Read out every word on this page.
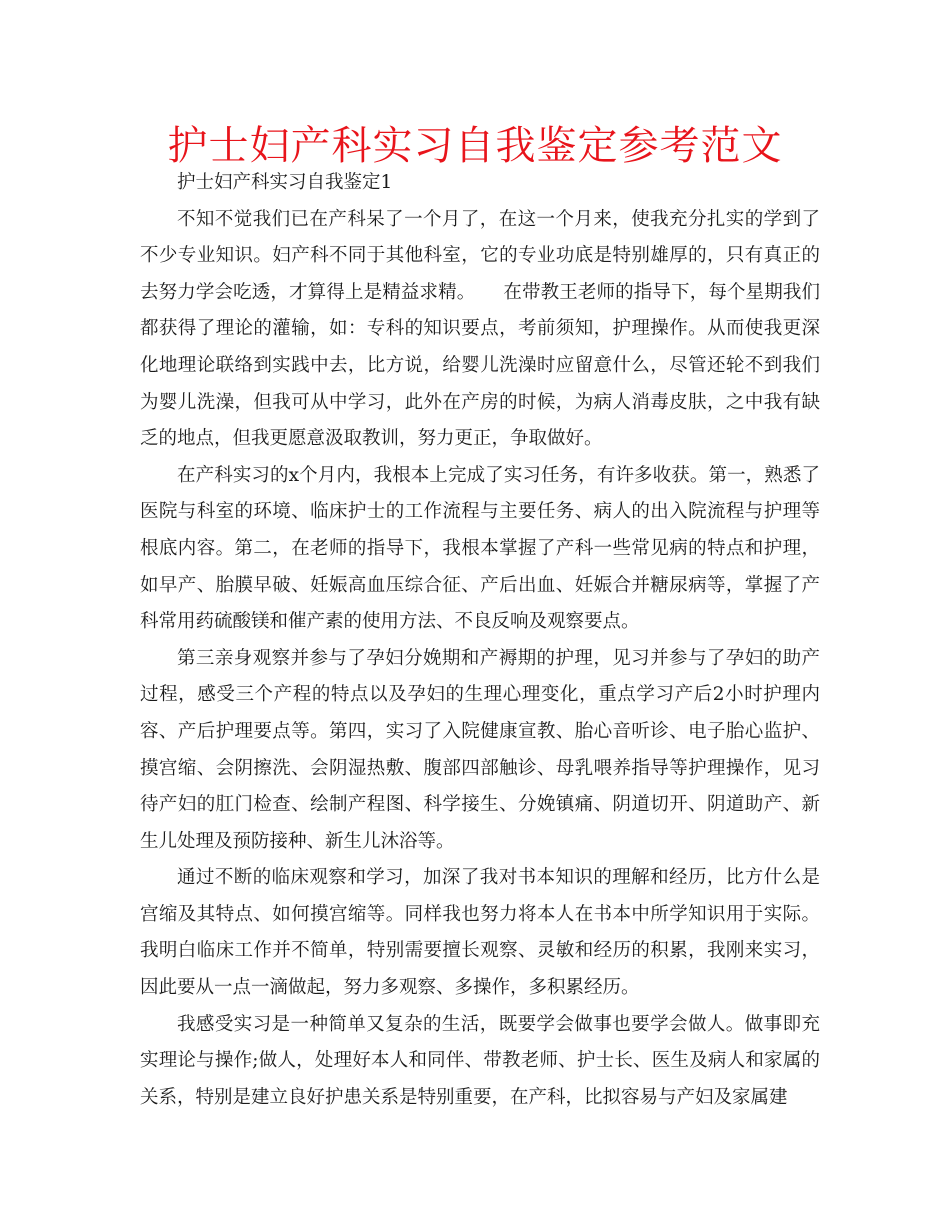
护士妇产科实习自我鉴定参考范文
护士妇产科实习自我鉴定1

不知不觉我们已在产科呆了一个月了，在这一个月来，使我充分扎实的学到了不少专业知识。妇产科不同于其他科室，它的专业功底是特别雄厚的，只有真正的去努力学会吃透，才算得上是精益求精。　　在带教王老师的指导下，每个星期我们都获得了理论的灌输，如：专科的知识要点，考前须知，护理操作。从而使我更深化地理论联络到实践中去，比方说，给婴儿洗澡时应留意什么，尽管还轮不到我们为婴儿洗澡，但我可从中学习，此外在产房的时候，为病人消毒皮肤，之中我有缺乏的地点，但我更愿意汲取教训，努力更正，争取做好。

在产科实习的x个月内，我根本上完成了实习任务，有许多收获。第一，熟悉了医院与科室的环境、临床护士的工作流程与主要任务、病人的出入院流程与护理等根底内容。第二，在老师的指导下，我根本掌握了产科一些常见病的特点和护理，如早产、胎膜早破、妊娠高血压综合征、产后出血、妊娠合并糖尿病等，掌握了产科常用药硫酸镁和催产素的使用方法、不良反响及观察要点。

第三亲身观察并参与了孕妇分娩期和产褥期的护理，见习并参与了孕妇的助产过程，感受三个产程的特点以及孕妇的生理心理变化，重点学习产后2小时护理内容、产后护理要点等。第四，实习了入院健康宣教、胎心音听诊、电子胎心监护、摸宫缩、会阴擦洗、会阴湿热敷、腹部四部触诊、母乳喂养指导等护理操作，见习待产妇的肛门检查、绘制产程图、科学接生、分娩镇痛、阴道切开、阴道助产、新生儿处理及预防接种、新生儿沐浴等。

通过不断的临床观察和学习，加深了我对书本知识的理解和经历，比方什么是宫缩及其特点、如何摸宫缩等。同样我也努力将本人在书本中所学知识用于实际。我明白临床工作并不简单，特别需要擅长观察、灵敏和经历的积累，我刚来实习，因此要从一点一滴做起，努力多观察、多操作，多积累经历。

我感受实习是一种简单又复杂的生活，既要学会做事也要学会做人。做事即充实理论与操作;做人，处理好本人和同伴、带教老师、护士长、医生及病人和家属的关系，特别是建立良好护患关系是特别重要，在产科，比拟容易与产妇及家属建
